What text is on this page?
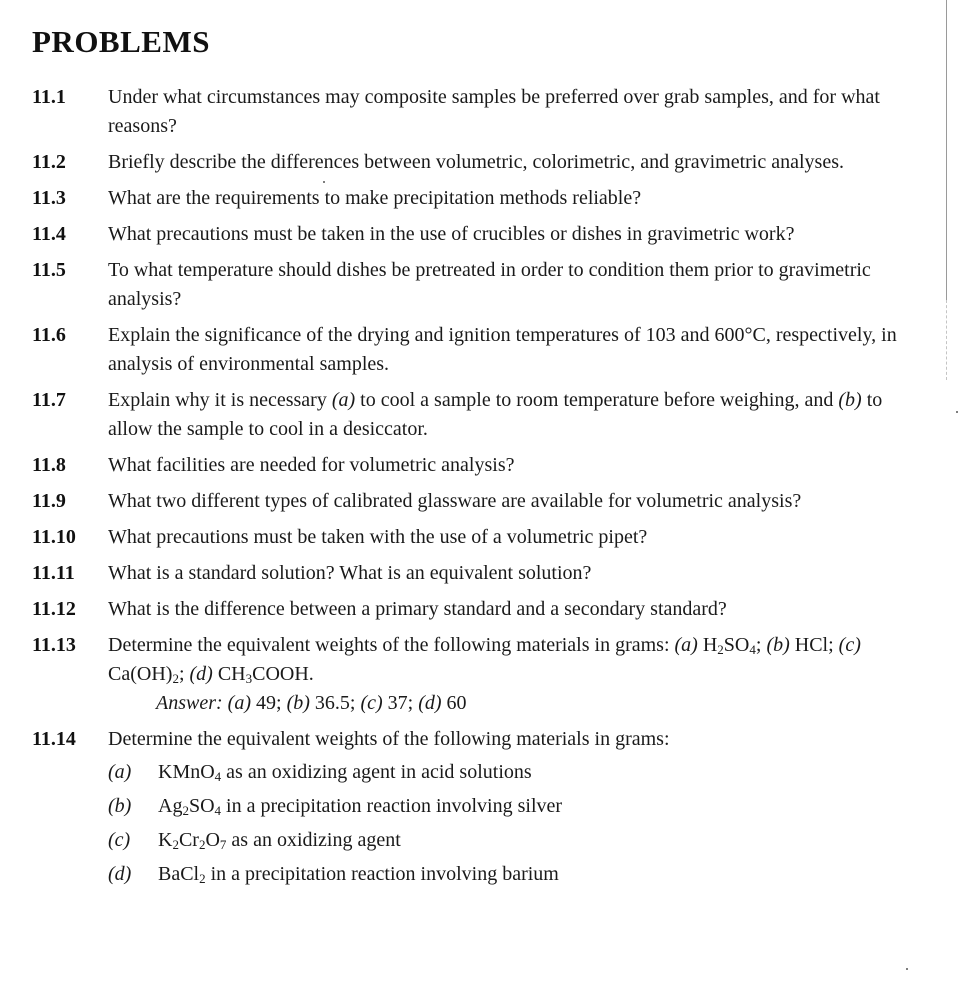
PROBLEMS
11.1	Under what circumstances may composite samples be preferred over grab samples, and for what reasons?
11.2	Briefly describe the differences between volumetric, colorimetric, and gravimetric analyses.
11.3	What are the requirements to make precipitation methods reliable?
11.4	What precautions must be taken in the use of crucibles or dishes in gravimetric work?
11.5	To what temperature should dishes be pretreated in order to condition them prior to gravimetric analysis?
11.6	Explain the significance of the drying and ignition temperatures of 103 and 600°C, respectively, in analysis of environmental samples.
11.7	Explain why it is necessary (a) to cool a sample to room temperature before weighing, and (b) to allow the sample to cool in a desiccator.
11.8	What facilities are needed for volumetric analysis?
11.9	What two different types of calibrated glassware are available for volumetric analysis?
11.10	What precautions must be taken with the use of a volumetric pipet?
11.11	What is a standard solution? What is an equivalent solution?
11.12	What is the difference between a primary standard and a secondary standard?
11.13	Determine the equivalent weights of the following materials in grams: (a) $H_2SO_4$; (b) HCl; (c) $Ca(OH)_2$; (d) $CH_3COOH$.
Answer: (a) 49; (b) 36.5; (c) 37; (d) 60
11.14	Determine the equivalent weights of the following materials in grams:
(a)	KMnO$_4$ as an oxidizing agent in acid solutions
(b)	$Ag_2SO_4$ in a precipitation reaction involving silver
(c)	$K_2Cr_2O_7$ as an oxidizing agent
(d)	BaCl$_2$ in a precipitation reaction involving barium
